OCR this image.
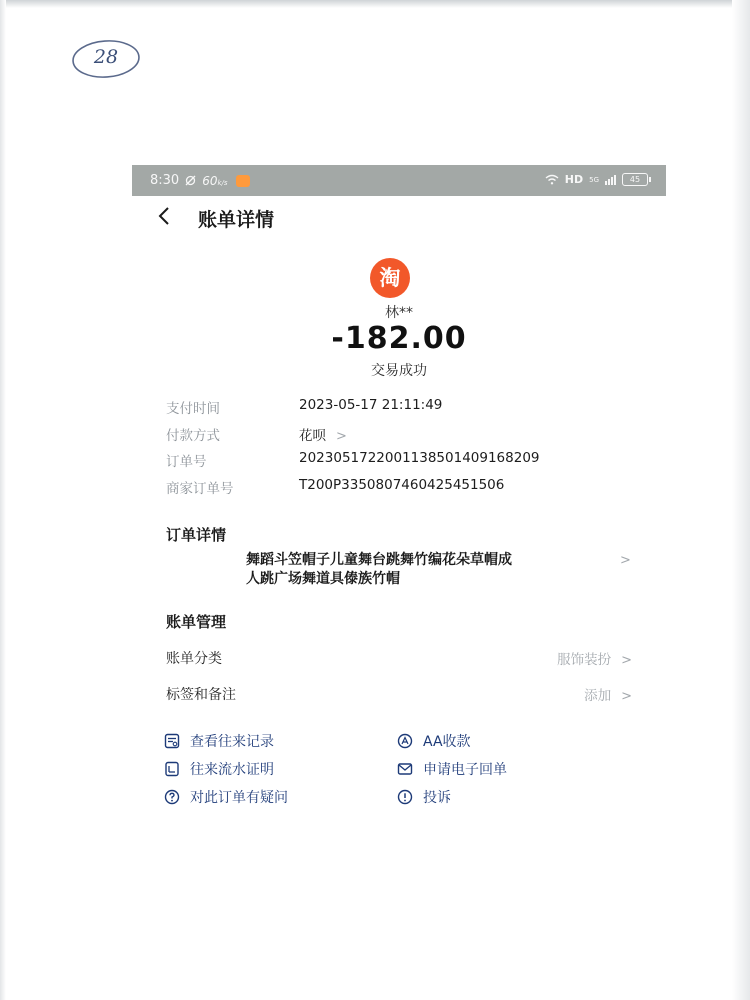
28
8:30 60k/s	HD 5G	45
账单详情
淘
林**
-182.00
交易成功
支付时间	2023-05-17 21:11:49
付款方式	花呗 >
订单号	2023051722001138501409168209
商家订单号	T200P3350807460425451506
订单详情
舞蹈斗笠帽子儿童舞台跳舞竹编花朵草帽成
人跳广场舞道具傣族竹帽
>
账单管理
账单分类	服饰装扮 >
标签和备注	添加 >
查看往来记录	AA收款
往来流水证明	申请电子回单
对此订单有疑问	投诉
